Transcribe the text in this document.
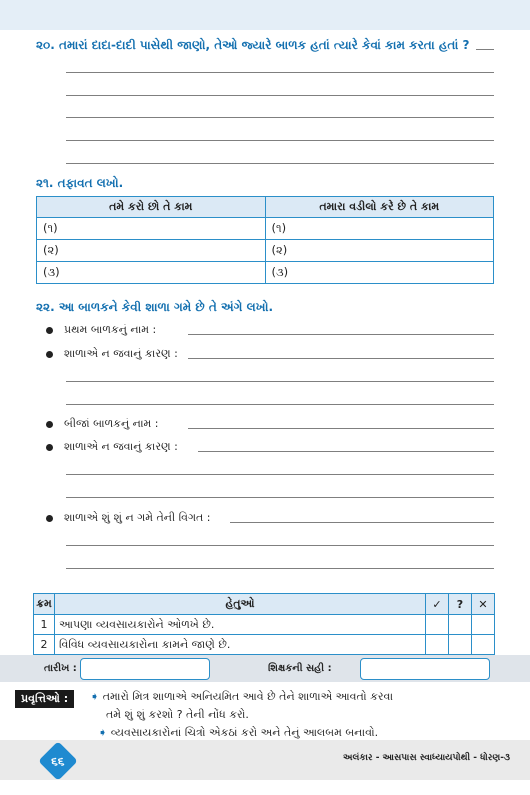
૨૦. તમારાં દાદા-દાદી પાસેથી જાણો, તેઓ જ્યારે બાળક હતાં ત્યારે કેવાં કામ કરતા હતાં ?
૨૧. તફાવત લખો.
તમે કરો છો તે કામ	તમારા વડીલો કરે છે તે કામ
(૧)	(૧)
(૨)	(૨)
(૩)	(૩)
૨૨. આ બાળકને કેવી શાળા ગમે છે તે અંગે લખો.
પ્રથમ બાળકનું નામ :
શાળાએ ન જવાનું કારણ :
બીજાં બાળકનું નામ :
શાળાએ ન જવાનું કારણ :
શાળાએ શું શું ન ગમે તેની વિગત :
ક્રમ	હેતુઓ	✓	?	✕
1	આપણા વ્યવસાયકારોને ઓળખે છે.			
2	વિવિધ વ્યવસાયકારોના કામને જાણે છે.			
તારીખ :	શિક્ષકની સહી :
પ્રવૃત્તિઓ :	➧ તમારો મિત્ર શાળાએ અનિયમિત આવે છે તેને શાળાએ આવતો કરવા
તમે શું શું કરશો ? તેની નોંધ કરો.
➧ વ્યવસાયકારોનાં ચિત્રો એકઠાં કરો અને તેનું આલબમ બનાવો.
૬૬	અલંકાર - આસપાસ સ્વાધ્યાયપોથી - ધોરણ-૩
